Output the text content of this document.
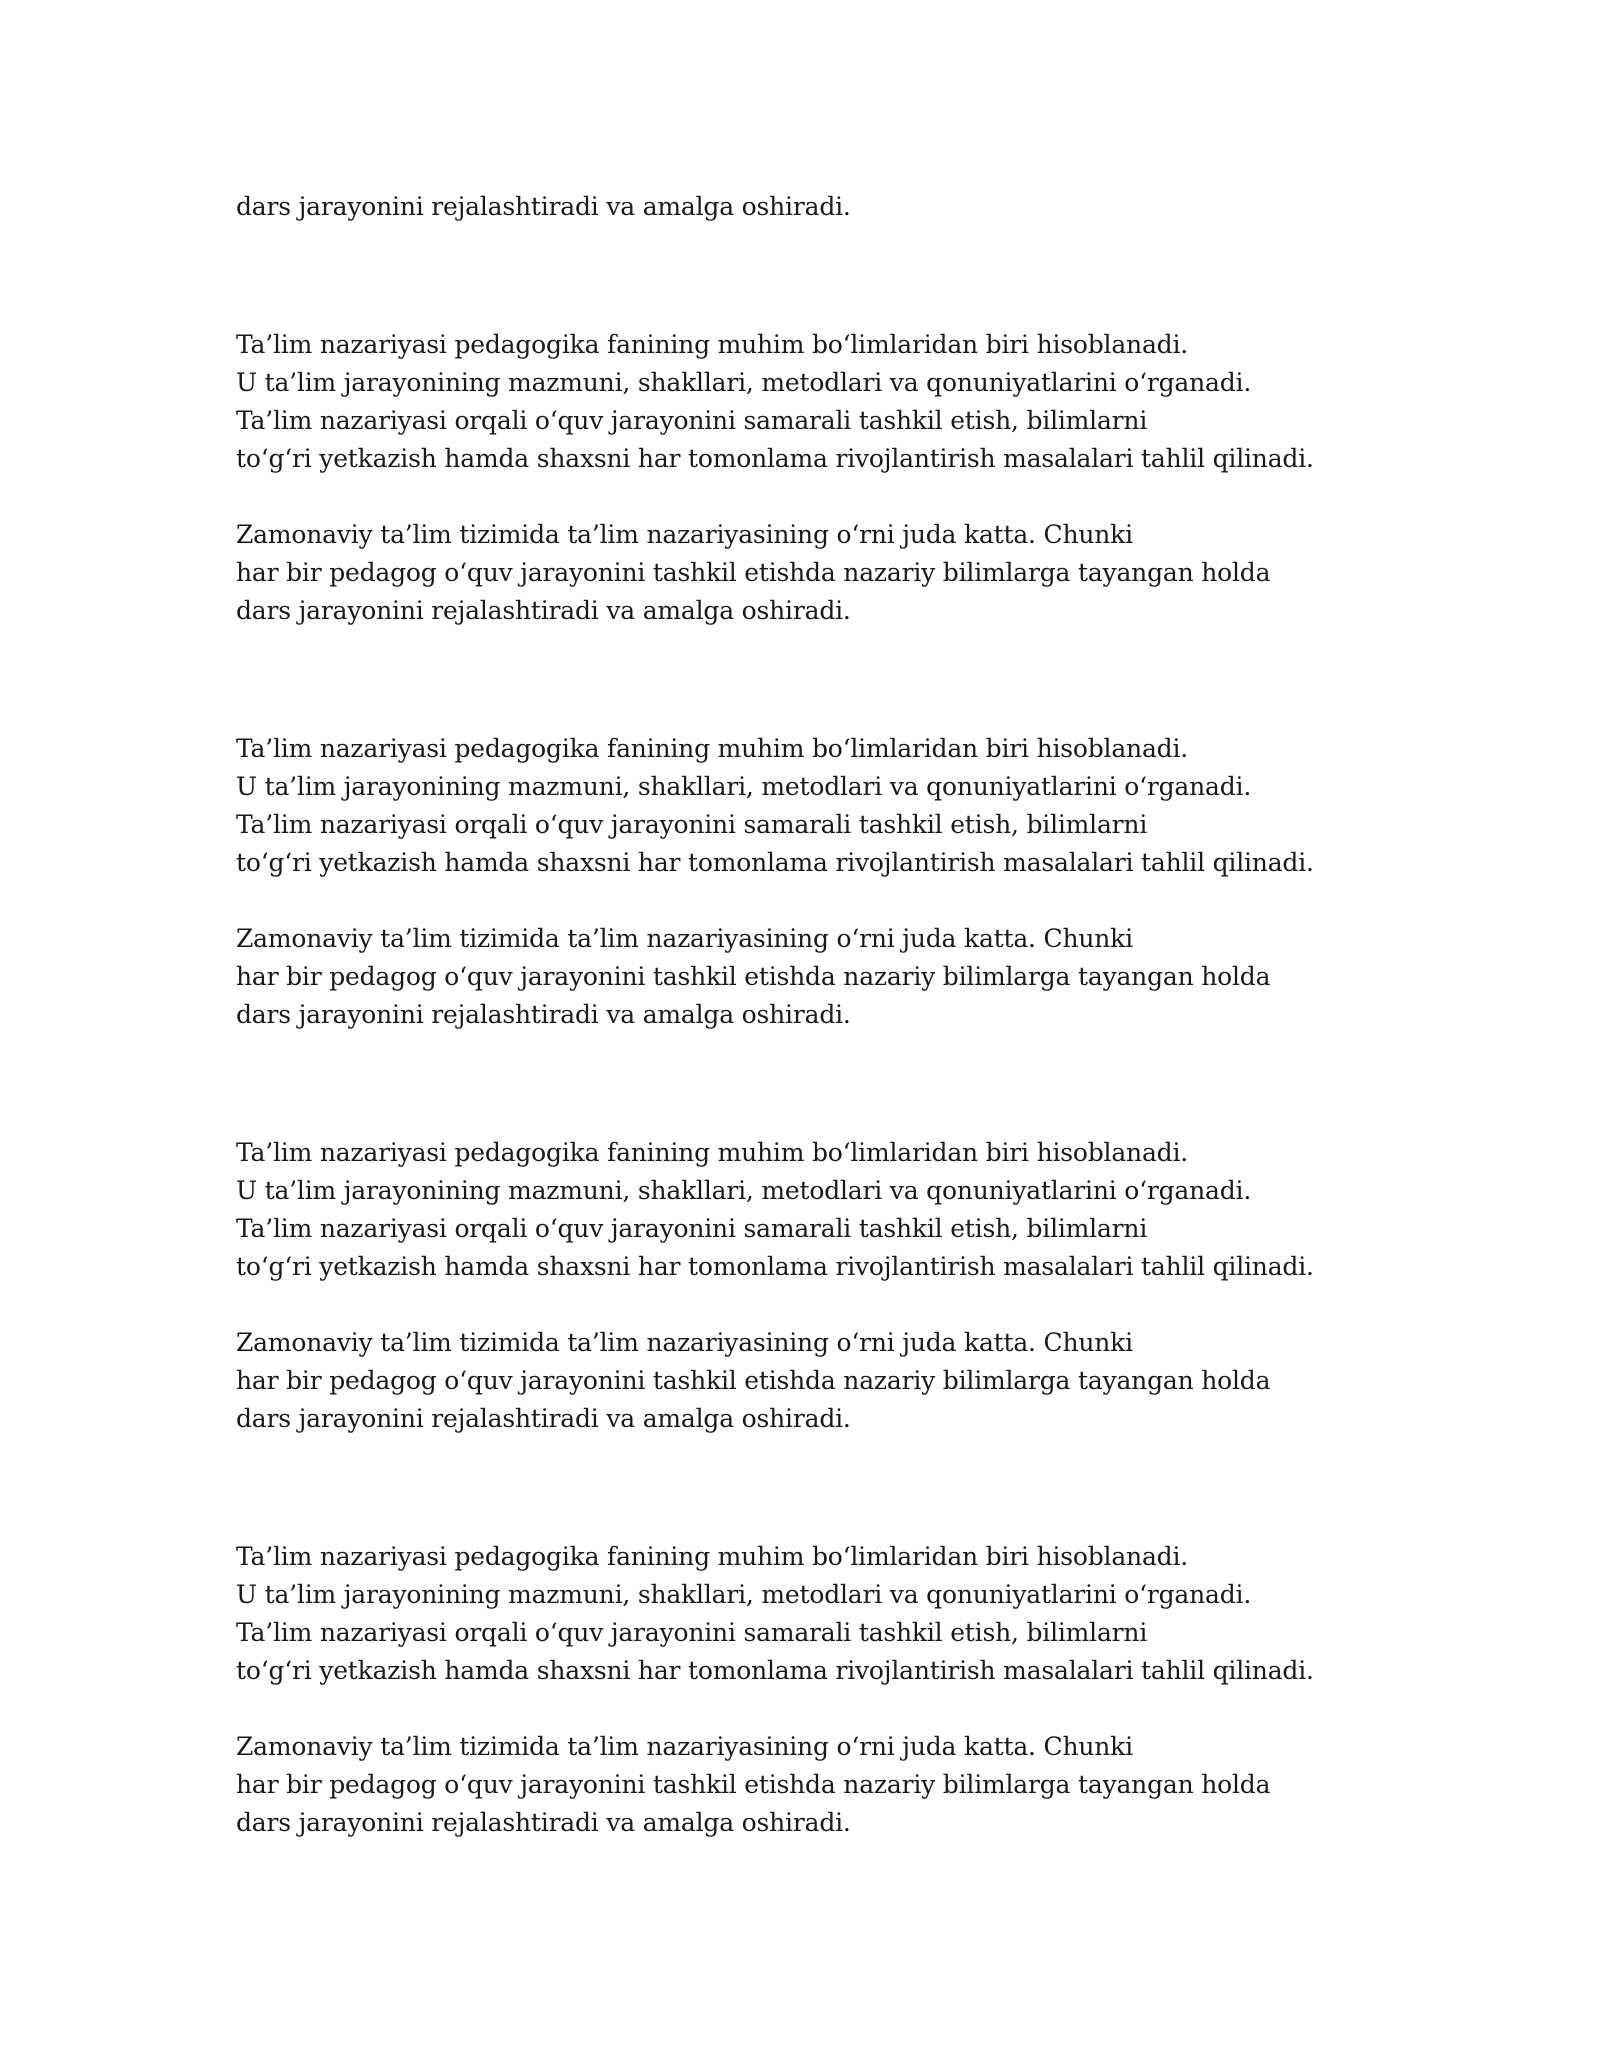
dars jarayonini rejalashtiradi va amalga oshiradi.
Ta’lim nazariyasi pedagogika fanining muhim bo‘limlaridan biri hisoblanadi.
U ta’lim jarayonining mazmuni, shakllari, metodlari va qonuniyatlarini o‘rganadi.
Ta’lim nazariyasi orqali o‘quv jarayonini samarali tashkil etish, bilimlarni
to‘g‘ri yetkazish hamda shaxsni har tomonlama rivojlantirish masalalari tahlil qilinadi.
Zamonaviy ta’lim tizimida ta’lim nazariyasining o‘rni juda katta. Chunki
har bir pedagog o‘quv jarayonini tashkil etishda nazariy bilimlarga tayangan holda
dars jarayonini rejalashtiradi va amalga oshiradi.
Ta’lim nazariyasi pedagogika fanining muhim bo‘limlaridan biri hisoblanadi.
U ta’lim jarayonining mazmuni, shakllari, metodlari va qonuniyatlarini o‘rganadi.
Ta’lim nazariyasi orqali o‘quv jarayonini samarali tashkil etish, bilimlarni
to‘g‘ri yetkazish hamda shaxsni har tomonlama rivojlantirish masalalari tahlil qilinadi.
Zamonaviy ta’lim tizimida ta’lim nazariyasining o‘rni juda katta. Chunki
har bir pedagog o‘quv jarayonini tashkil etishda nazariy bilimlarga tayangan holda
dars jarayonini rejalashtiradi va amalga oshiradi.
Ta’lim nazariyasi pedagogika fanining muhim bo‘limlaridan biri hisoblanadi.
U ta’lim jarayonining mazmuni, shakllari, metodlari va qonuniyatlarini o‘rganadi.
Ta’lim nazariyasi orqali o‘quv jarayonini samarali tashkil etish, bilimlarni
to‘g‘ri yetkazish hamda shaxsni har tomonlama rivojlantirish masalalari tahlil qilinadi.
Zamonaviy ta’lim tizimida ta’lim nazariyasining o‘rni juda katta. Chunki
har bir pedagog o‘quv jarayonini tashkil etishda nazariy bilimlarga tayangan holda
dars jarayonini rejalashtiradi va amalga oshiradi.
Ta’lim nazariyasi pedagogika fanining muhim bo‘limlaridan biri hisoblanadi.
U ta’lim jarayonining mazmuni, shakllari, metodlari va qonuniyatlarini o‘rganadi.
Ta’lim nazariyasi orqali o‘quv jarayonini samarali tashkil etish, bilimlarni
to‘g‘ri yetkazish hamda shaxsni har tomonlama rivojlantirish masalalari tahlil qilinadi.
Zamonaviy ta’lim tizimida ta’lim nazariyasining o‘rni juda katta. Chunki
har bir pedagog o‘quv jarayonini tashkil etishda nazariy bilimlarga tayangan holda
dars jarayonini rejalashtiradi va amalga oshiradi.
